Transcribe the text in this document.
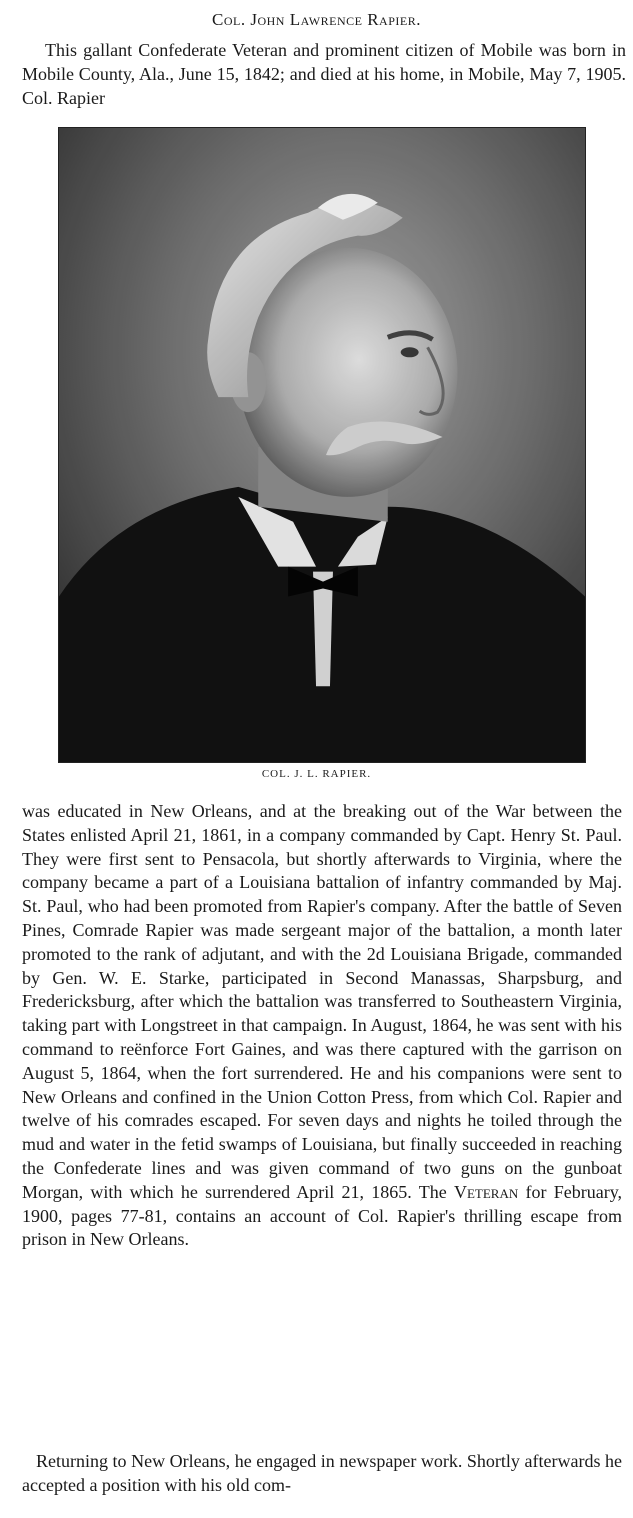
Col. John Lawrence Rapier.

This gallant Confederate Veteran and prominent citizen of Mobile was born in Mobile County, Ala., June 15, 1842; and died at his home, in Mobile, May 7, 1905. Col. Rapier

COL. J. L. RAPIER.

was educated in New Orleans, and at the breaking out of the War between the States enlisted April 21, 1861, in a company commanded by Capt. Henry St. Paul. They were first sent to Pensacola, but shortly afterwards to Virginia, where the company became a part of a Louisiana battalion of infantry commanded by Maj. St. Paul, who had been promoted from Rapier's company. After the battle of Seven Pines, Comrade Rapier was made sergeant major of the battalion, a month later promoted to the rank of adjutant, and with the 2d Louisiana Brigade, commanded by Gen. W. E. Starke, participated in Second Manassas, Sharpsburg, and Fredericksburg, after which the battalion was transferred to Southeastern Virginia, taking part with Longstreet in that campaign. In August, 1864, he was sent with his command to reënforce Fort Gaines, and was there captured with the garrison on August 5, 1864, when the fort surrendered. He and his companions were sent to New Orleans and confined in the Union Cotton Press, from which Col. Rapier and twelve of his comrades escaped. For seven days and nights he toiled through the mud and water in the fetid swamps of Louisiana, but finally succeeded in reaching the Confederate lines and was given command of two guns on the gunboat Morgan, with which he surrendered April 21, 1865. The Veteran for February, 1900, pages 77-81, contains an account of Col. Rapier's thrilling escape from prison in New Orleans.

Returning to New Orleans, he engaged in newspaper work. Shortly afterwards he accepted a position with his old com-
